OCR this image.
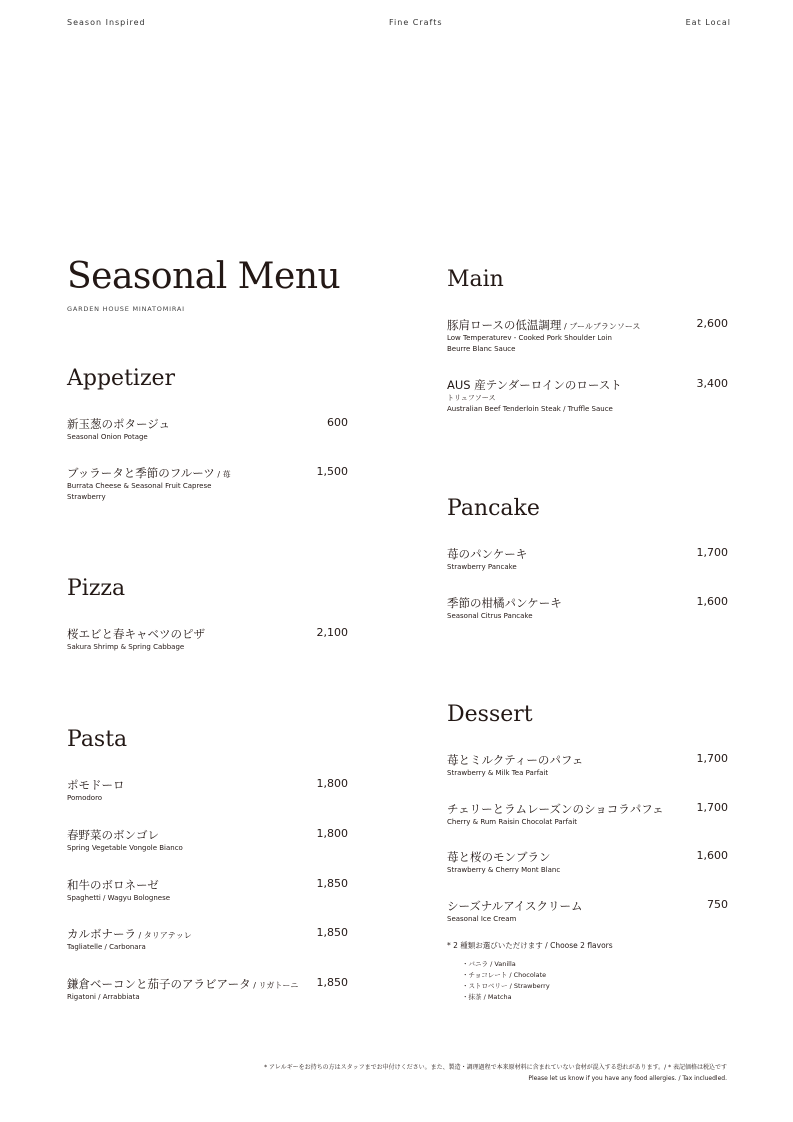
Season Inspired	Fine Crafts	Eat Local
Seasonal Menu
GARDEN HOUSE MINATOMIRAI
Appetizer
新玉葱のポタージュ
Seasonal Onion Potage
600
ブッラータと季節のフルーツ / 苺
Burrata Cheese & Seasonal Fruit Caprese
Strawberry
1,500
Pizza
桜エビと春キャベツのピザ
Sakura Shrimp & Spring Cabbage
2,100
Pasta
ポモドーロ
Pomodoro
1,800
春野菜のボンゴレ
Spring Vegetable Vongole Bianco
1,800
和牛のボロネーゼ
Spaghetti / Wagyu Bolognese
1,850
カルボナーラ / タリアテッレ
Tagliatelle / Carbonara
1,850
鎌倉ベーコンと茄子のアラビアータ / リガトーニ
Rigatoni / Arrabbiata
1,850
Main
豚肩ロースの低温調理 / ブールブランソース
Low Temperaturev - Cooked Pork Shoulder Loin
Beurre Blanc Sauce
2,600
AUS 産テンダーロインのロースト
トリュフソース
Australian Beef Tenderloin Steak / Truffle Sauce
3,400
Pancake
苺のパンケーキ
Strawberry Pancake
1,700
季節の柑橘パンケーキ
Seasonal Citrus Pancake
1,600
Dessert
苺とミルクティーのパフェ
Strawberry & Milk Tea Parfait
1,700
チェリーとラムレーズンのショコラパフェ
Cherry & Rum Raisin Chocolat Parfait
1,700
苺と桜のモンブラン
Strawberry & Cherry Mont Blanc
1,600
シーズナルアイスクリーム
Seasonal Ice Cream
750
* 2 種類お選びいただけます / Choose 2 flavors
・バニラ / Vanilla
・チョコレート / Chocolate
・ストロベリー / Strawberry
・抹茶 / Matcha
* アレルギーをお持ちの方はスタッフまでお申付けください。また、製造・調理過程で本来原材料に含まれていない食材が混入する恐れがあります。/ * 表記価格は税込です
Please let us know if you have any food allergies. / Tax incluedled.
